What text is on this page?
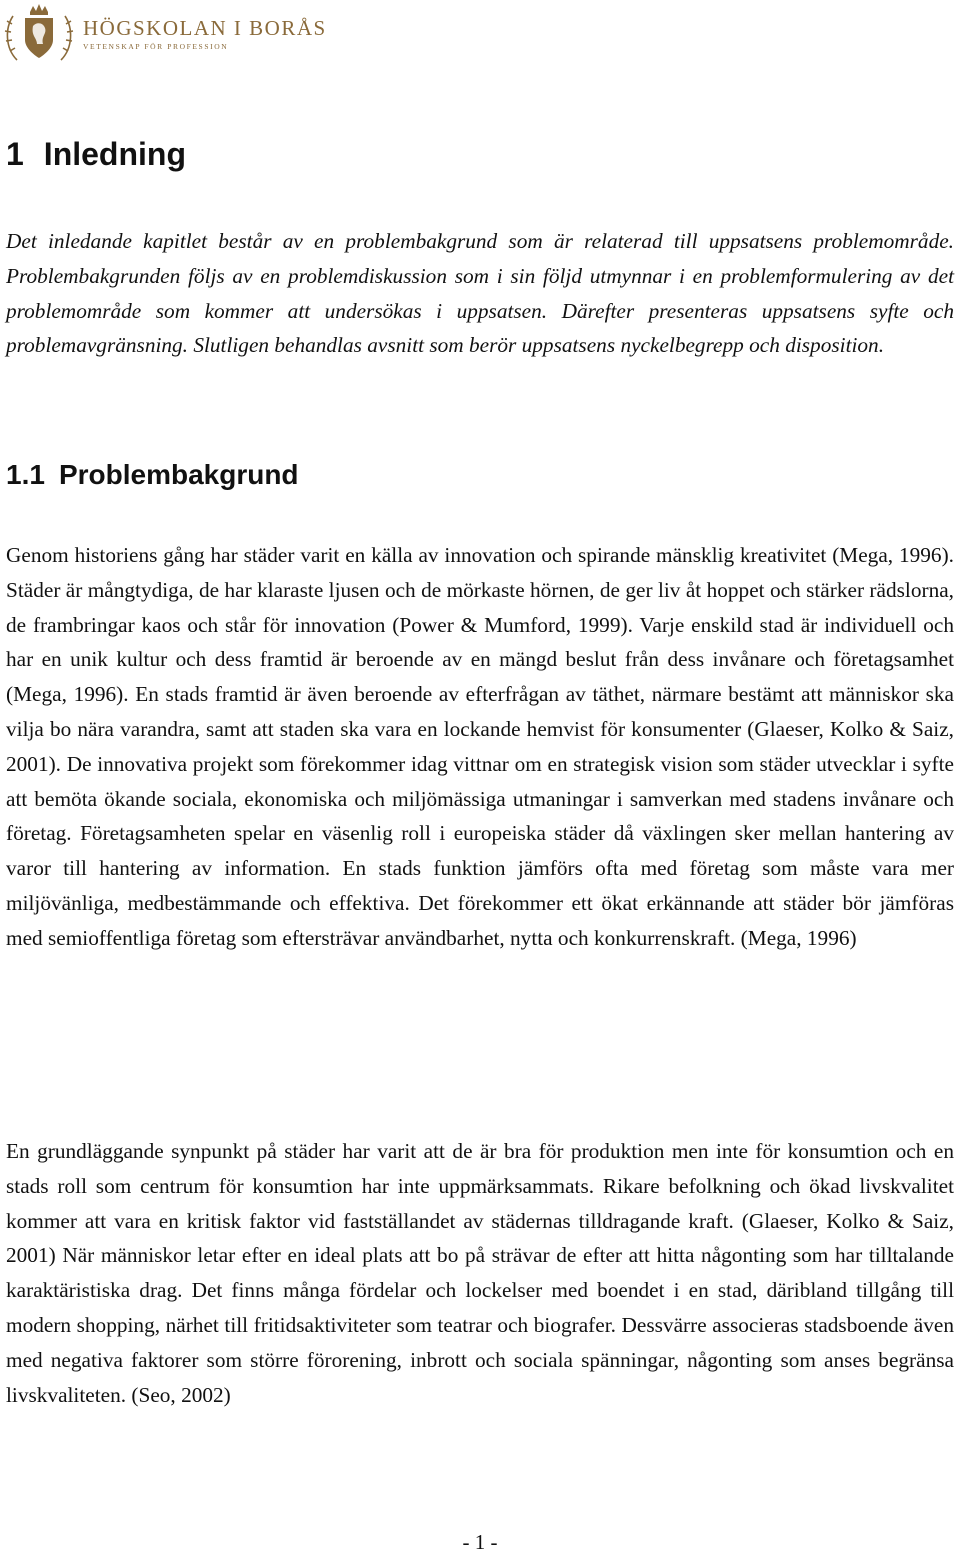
HÖGSKOLAN I BORÅS
VETENSKAP FÖR PROFESSION
1 Inledning

Det inledande kapitlet består av en problembakgrund som är relaterad till uppsatsens problemområde. Problembakgrunden följs av en problemdiskussion som i sin följd utmynnar i en problemformulering av det problemområde som kommer att undersökas i uppsatsen. Därefter presenteras uppsatsens syfte och problemavgränsning. Slutligen behandlas avsnitt som berör uppsatsens nyckelbegrepp och disposition.

1.1 Problembakgrund

Genom historiens gång har städer varit en källa av innovation och spirande mänsklig kreativitet (Mega, 1996). Städer är mångtydiga, de har klaraste ljusen och de mörkaste hörnen, de ger liv åt hoppet och stärker rädslorna, de frambringar kaos och står för innovation (Power & Mumford, 1999). Varje enskild stad är individuell och har en unik kultur och dess framtid är beroende av en mängd beslut från dess invånare och företagsamhet (Mega, 1996). En stads framtid är även beroende av efterfrågan av täthet, närmare bestämt att människor ska vilja bo nära varandra, samt att staden ska vara en lockande hemvist för konsumenter (Glaeser, Kolko & Saiz, 2001). De innovativa projekt som förekommer idag vittnar om en strategisk vision som städer utvecklar i syfte att bemöta ökande sociala, ekonomiska och miljömässiga utmaningar i samverkan med stadens invånare och företag. Företagsamheten spelar en väsenlig roll i europeiska städer då växlingen sker mellan hantering av varor till hantering av information. En stads funktion jämförs ofta med företag som måste vara mer miljövänliga, medbestämmande och effektiva. Det förekommer ett ökat erkännande att städer bör jämföras med semioffentliga företag som eftersträvar användbarhet, nytta och konkurrenskraft. (Mega, 1996)

En grundläggande synpunkt på städer har varit att de är bra för produktion men inte för konsumtion och en stads roll som centrum för konsumtion har inte uppmärksammats. Rikare befolkning och ökad livskvalitet kommer att vara en kritisk faktor vid fastställandet av städernas tilldragande kraft. (Glaeser, Kolko & Saiz, 2001) När människor letar efter en ideal plats att bo på strävar de efter att hitta någonting som har tilltalande karaktäristiska drag. Det finns många fördelar och lockelser med boendet i en stad, däribland tillgång till modern shopping, närhet till fritidsaktiviteter som teatrar och biografer. Dessvärre associeras stadsboende även med negativa faktorer som större förorening, inbrott och sociala spänningar, någonting som anses begränsa livskvaliteten. (Seo, 2002)

- 1 -
